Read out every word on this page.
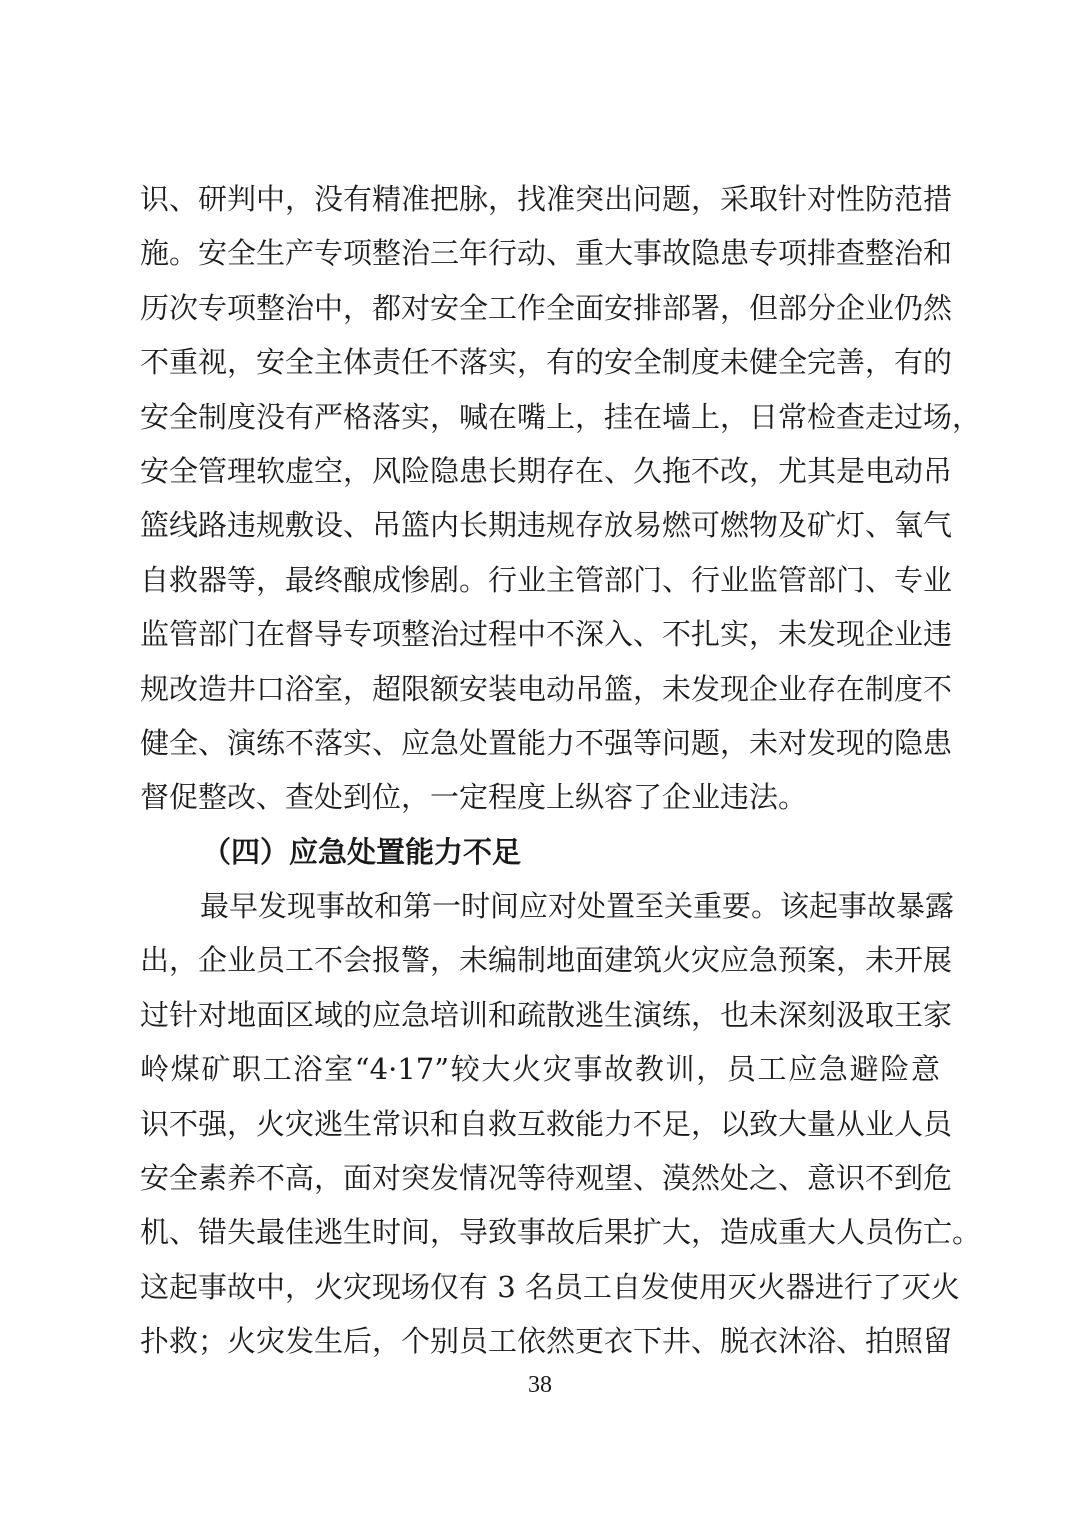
识、研判中，没有精准把脉，找准突出问题，采取针对性防范措
施。安全生产专项整治三年行动、重大事故隐患专项排查整治和
历次专项整治中，都对安全工作全面安排部署，但部分企业仍然
不重视，安全主体责任不落实，有的安全制度未健全完善，有的
安全制度没有严格落实，喊在嘴上，挂在墙上，日常检查走过场，
安全管理软虚空，风险隐患长期存在、久拖不改，尤其是电动吊
篮线路违规敷设、吊篮内长期违规存放易燃可燃物及矿灯、氧气
自救器等，最终酿成惨剧。行业主管部门、行业监管部门、专业
监管部门在督导专项整治过程中不深入、不扎实，未发现企业违
规改造井口浴室，超限额安装电动吊篮，未发现企业存在制度不
健全、演练不落实、应急处置能力不强等问题，未对发现的隐患
督促整改、查处到位，一定程度上纵容了企业违法。
（四）应急处置能力不足
最早发现事故和第一时间应对处置至关重要。该起事故暴露
出，企业员工不会报警，未编制地面建筑火灾应急预案，未开展
过针对地面区域的应急培训和疏散逃生演练，也未深刻汲取王家
岭煤矿职工浴室“4·17”较大火灾事故教训，员工应急避险意
识不强，火灾逃生常识和自救互救能力不足，以致大量从业人员
安全素养不高，面对突发情况等待观望、漠然处之、意识不到危
机、错失最佳逃生时间，导致事故后果扩大，造成重大人员伤亡。
这起事故中，火灾现场仅有 3 名员工自发使用灭火器进行了灭火
扑救；火灾发生后，个别员工依然更衣下井、脱衣沐浴、拍照留
38
